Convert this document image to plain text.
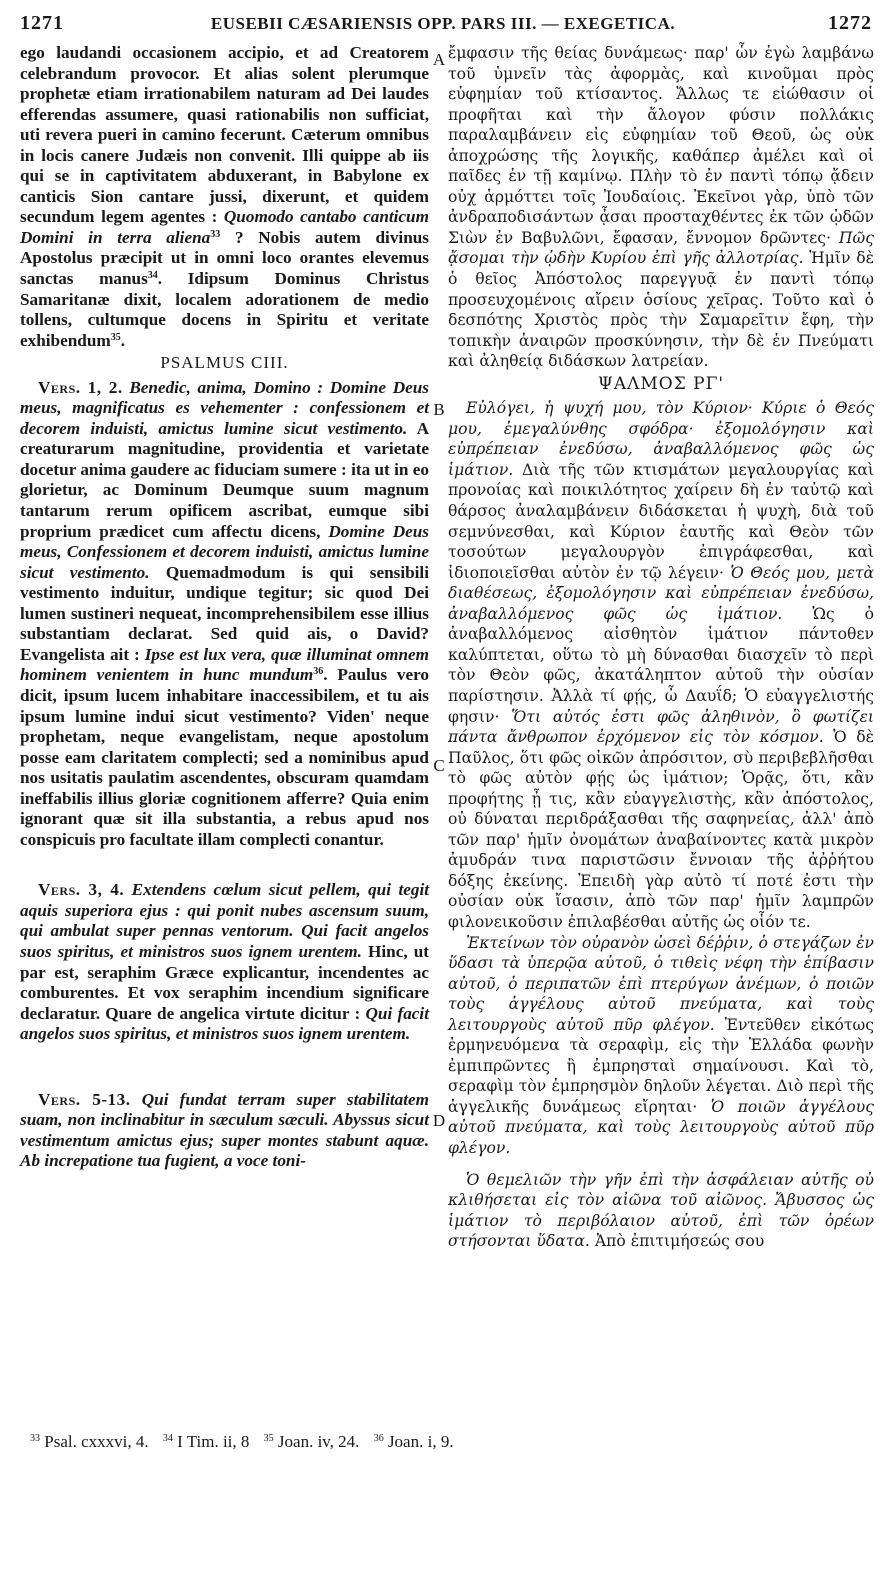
1271	EUSEBII CÆSARIENSIS OPP. PARS III. — EXEGETICA.	1272
A
B
C
D

ego laudandi occasionem accipio, et ad Creatorem celebrandum provocor. Et alias solent plerumque prophetæ etiam irrationabilem naturam ad Dei laudes efferendas assumere, quasi rationabilis non sufficiat, uti revera pueri in camino fecerunt. Cæterum omnibus in locis canere Judæis non convenit. Illi quippe ab iis qui se in captivitatem abduxerant, in Babylone ex canticis Sion cantare jussi, dixerunt, et quidem secundum legem agentes : Quomodo cantabo canticum Domini in terra aliena$^{33}$ ? Nobis autem divinus Apostolus præcipit ut in omni loco orantes elevemus sanctas manus$^{34}$. Idipsum Dominus Christus Samaritanæ dixit, localem adorationem de medio tollens, cultumque docens in Spiritu et veritate exhibendum$^{35}$.

PSALMUS CIII.

Vers. 1, 2. Benedic, anima, Domino : Domine Deus meus, magnificatus es vehementer : confessionem et decorem induisti, amictus lumine sicut vestimento. A creaturarum magnitudine, providentia et varietate docetur anima gaudere ac fiduciam sumere : ita ut in eo glorietur, ac Dominum Deumque suum magnum tantarum rerum opificem ascribat, eumque sibi proprium prædicet cum affectu dicens, Domine Deus meus, Confessionem et decorem induisti, amictus lumine sicut vestimento. Quemadmodum is qui sensibili vestimento induitur, undique tegitur; sic quod Dei lumen sustineri nequeat, incomprehensibilem esse illius substantiam declarat. Sed quid ais, o David? Evangelista ait : Ipse est lux vera, quæ illuminat omnem hominem venientem in hunc mundum$^{36}$. Paulus vero dicit, ipsum lucem inhabitare inaccessibilem, et tu ais ipsum lumine indui sicut vestimento? Viden' neque prophetam, neque evangelistam, neque apostolum posse eam claritatem complecti; sed a nominibus apud nos usitatis paulatim ascendentes, obscuram quamdam ineffabilis illius gloriæ cognitionem afferre? Quia enim ignorant quæ sit illa substantia, a rebus apud nos conspicuis pro facultate illam complecti conantur.

Vers. 3, 4. Extendens cœlum sicut pellem, qui tegit aquis superiora ejus : qui ponit nubes ascensum suum, qui ambulat super pennas ventorum. Qui facit angelos suos spiritus, et ministros suos ignem urentem. Hinc, ut par est, seraphim Græce explicantur, incendentes ac comburentes. Et vox seraphim incendium significare declaratur. Quare de angelica virtute dicitur : Qui facit angelos suos spiritus, et ministros suos ignem urentem.

Vers. 5-13. Qui fundat terram super stabilitatem suam, non inclinabitur in sæculum sæculi. Abyssus sicut vestimentum amictus ejus; super montes stabunt aquæ. Ab increpatione tua fugient, a voce toni-

ἔμφασιν τῆς θείας δυνάμεως· παρ' ὧν ἐγὼ λαμβάνω τοῦ ὑμνεῖν τὰς ἀφορμὰς, καὶ κινοῦμαι πρὸς εὐφημίαν τοῦ κτίσαντος. Ἄλλως τε εἰώθασιν οἱ προφῆται καὶ τὴν ἄλογον φύσιν πολλάκις παραλαμβάνειν εἰς εὐφημίαν τοῦ Θεοῦ, ὡς οὐκ ἀποχρώσης τῆς λογικῆς, καθάπερ ἀμέλει καὶ οἱ παῖδες ἐν τῇ καμίνῳ. Πλὴν τὸ ἐν παντὶ τόπῳ ᾄδειν οὐχ ἁρμόττει τοῖς Ἰουδαίοις. Ἐκεῖνοι γὰρ, ὑπὸ τῶν ἀνδραποδισάντων ᾆσαι προσταχθέντες ἐκ τῶν ᾠδῶν Σιὼν ἐν Βαβυλῶνι, ἔφασαν, ἔννομον δρῶντες· Πῶς ᾄσομαι τὴν ᾠδὴν Κυρίου ἐπὶ γῆς ἀλλοτρίας. Ἡμῖν δὲ ὁ θεῖος Ἀπόστολος παρεγγυᾷ ἐν παντὶ τόπῳ προσευχομένοις αἴρειν ὁσίους χεῖρας. Τοῦτο καὶ ὁ δεσπότης Χριστὸς πρὸς τὴν Σαμαρεῖτιν ἔφη, τὴν τοπικὴν ἀναιρῶν προσκύνησιν, τὴν δὲ ἐν Πνεύματι καὶ ἀληθείᾳ διδάσκων λατρείαν.

ΨΑΛΜΟΣ ΡΓ'

Εὐλόγει, ἡ ψυχή μου, τὸν Κύριον· Κύριε ὁ Θεός μου, ἐμεγαλύνθης σφόδρα· ἐξομολόγησιν καὶ εὐπρέπειαν ἐνεδύσω, ἀναβαλλόμενος φῶς ὡς ἱμάτιον. Διὰ τῆς τῶν κτισμάτων μεγαλουργίας καὶ προνοίας καὶ ποικιλότητος χαίρειν δὴ ἐν ταὐτῷ καὶ θάρσος ἀναλαμβάνειν διδάσκεται ἡ ψυχὴ, διὰ τοῦ σεμνύνεσθαι, καὶ Κύριον ἑαυτῆς καὶ Θεὸν τῶν τοσούτων μεγαλουργὸν ἐπιγράφεσθαι, καὶ ἰδιοποιεῖσθαι αὐτὸν ἐν τῷ λέγειν· Ὁ Θεός μου, μετὰ διαθέσεως, ἐξομολόγησιν καὶ εὐπρέπειαν ἐνεδύσω, ἀναβαλλόμενος φῶς ὡς ἱμάτιον. Ὡς ὁ ἀναβαλλόμενος αἰσθητὸν ἱμάτιον πάντοθεν καλύπτεται, οὕτω τὸ μὴ δύνασθαι διασχεῖν τὸ περὶ τὸν Θεὸν φῶς, ἀκατάληπτον αὐτοῦ τὴν οὐσίαν παρίστησιν. Ἀλλὰ τί φῄς, ὦ Δαυΐδ; Ὁ εὐαγγελιστής φησιν· Ὅτι αὐτός ἐστι φῶς ἀληθινὸν, ὃ φωτίζει πάντα ἄνθρωπον ἐρχόμενον εἰς τὸν κόσμον. Ὁ δὲ Παῦλος, ὅτι φῶς οἰκῶν ἀπρόσιτον, σὺ περιβεβλῆσθαι τὸ φῶς αὐτὸν φῄς ὡς ἱμάτιον; Ὁρᾷς, ὅτι, κἂν προφήτης ᾖ τις, κἂν εὐαγγελιστὴς, κἂν ἀπόστολος, οὐ δύναται περιδράξασθαι τῆς σαφηνείας, ἀλλ' ἀπὸ τῶν παρ' ἡμῖν ὀνομάτων ἀναβαίνοντες κατὰ μικρὸν ἀμυδράν τινα παριστῶσιν ἔννοιαν τῆς ἀῤῥήτου δόξης ἐκείνης. Ἐπειδὴ γὰρ αὐτὸ τί ποτέ ἐστι τὴν οὐσίαν οὐκ ἴσασιν, ἀπὸ τῶν παρ' ἡμῖν λαμπρῶν φιλονεικοῦσιν ἐπιλαβέσθαι αὐτῆς ὡς οἷόν τε.

Ἐκτείνων τὸν οὐρανὸν ὡσεὶ δέῤῥιν, ὁ στεγάζων ἐν ὕδασι τὰ ὑπερῷα αὐτοῦ, ὁ τιθεὶς νέφη τὴν ἐπίβασιν αὐτοῦ, ὁ περιπατῶν ἐπὶ πτερύγων ἀνέμων, ὁ ποιῶν τοὺς ἀγγέλους αὐτοῦ πνεύματα, καὶ τοὺς λειτουργοὺς αὐτοῦ πῦρ φλέγον. Ἐντεῦθεν εἰκότως ἑρμηνευόμενα τὰ σεραφὶμ, εἰς τὴν Ἑλλάδα φωνὴν ἐμπιπρῶντες ἢ ἐμπρησταὶ σημαίνουσι. Καὶ τὸ, σεραφὶμ τὸν ἐμπρησμὸν δηλοῦν λέγεται. Διὸ περὶ τῆς ἀγγελικῆς δυνάμεως εἴρηται· Ὁ ποιῶν ἀγγέλους αὐτοῦ πνεύματα, καὶ τοὺς λειτουργοὺς αὐτοῦ πῦρ φλέγον.

Ὁ θεμελιῶν τὴν γῆν ἐπὶ τὴν ἀσφάλειαν αὐτῆς οὐ κλιθήσεται εἰς τὸν αἰῶνα τοῦ αἰῶνος. Ἄβυσσος ὡς ἱμάτιον τὸ περιβόλαιον αὐτοῦ, ἐπὶ τῶν ὀρέων στήσονται ὕδατα. Ἀπὸ ἐπιτιμήσεώς σου

$^{33}$ Psal. cxxxvi, 4. $^{34}$ I Tim. ii, 8 $^{35}$ Joan. iv, 24. $^{36}$ Joan. i, 9.
